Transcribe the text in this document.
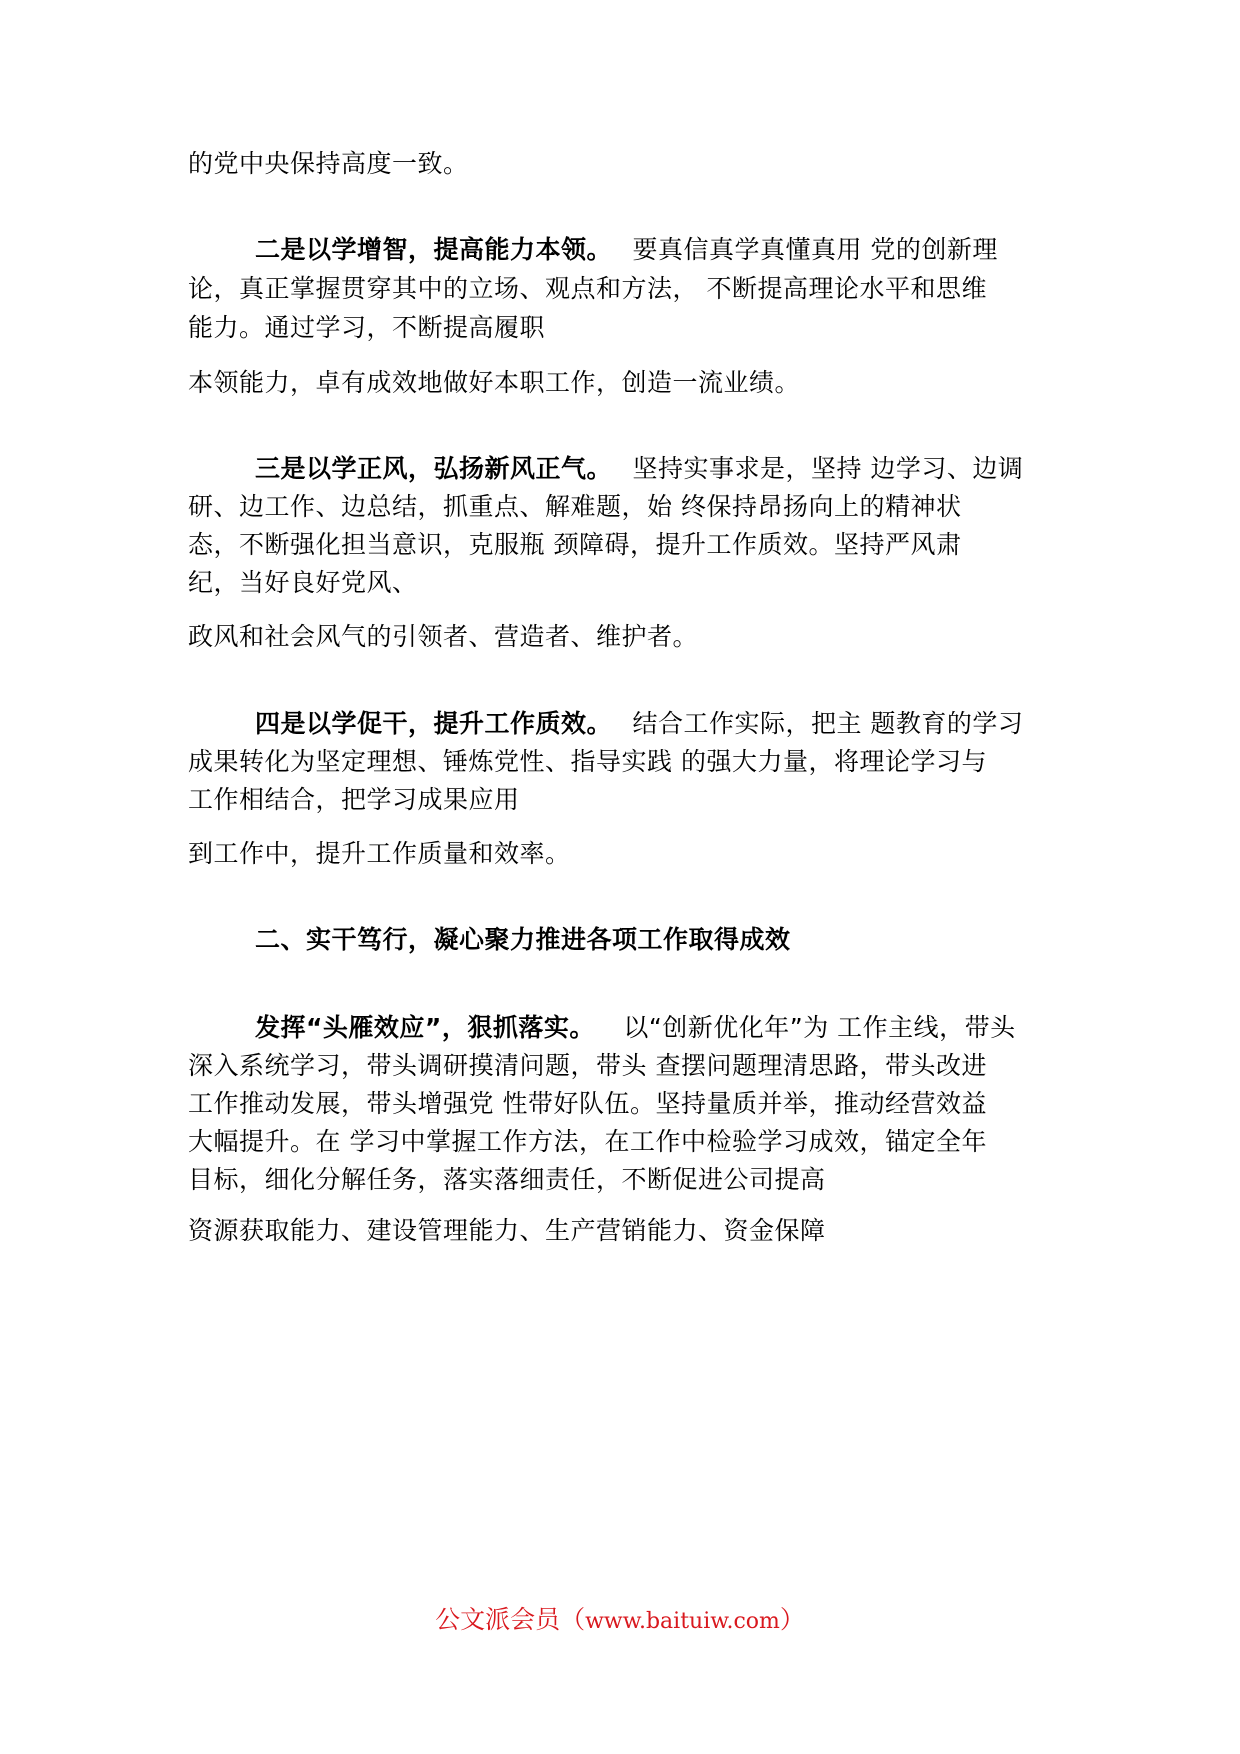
的党中央保持高度一致。
二是以学增智，提高能力本领。 要真信真学真懂真用 党的创新理
论，真正掌握贯穿其中的立场、观点和方法， 不断提高理论水平和思维
能力。通过学习，不断提高履职
本领能力，卓有成效地做好本职工作，创造一流业绩。
三是以学正风，弘扬新风正气。 坚持实事求是，坚持 边学习、边调
研、边工作、边总结，抓重点、解难题，始 终保持昂扬向上的精神状
态，不断强化担当意识，克服瓶 颈障碍，提升工作质效。坚持严风肃
纪，当好良好党风、
政风和社会风气的引领者、营造者、维护者。
四是以学促干，提升工作质效。 结合工作实际，把主 题教育的学习
成果转化为坚定理想、锤炼党性、指导实践 的强大力量，将理论学习与
工作相结合，把学习成果应用
到工作中，提升工作质量和效率。
二、实干笃行，凝心聚力推进各项工作取得成效
发挥“头雁效应”，狠抓落实。 以“创新优化年”为 工作主线，带头
深入系统学习，带头调研摸清问题，带头 查摆问题理清思路，带头改进
工作推动发展，带头增强党 性带好队伍。坚持量质并举，推动经营效益
大幅提升。在 学习中掌握工作方法，在工作中检验学习成效，锚定全年
目标，细化分解任务，落实落细责任，不断促进公司提高
资源获取能力、建设管理能力、生产营销能力、资金保障
公文派会员（www.baituiw.com）
